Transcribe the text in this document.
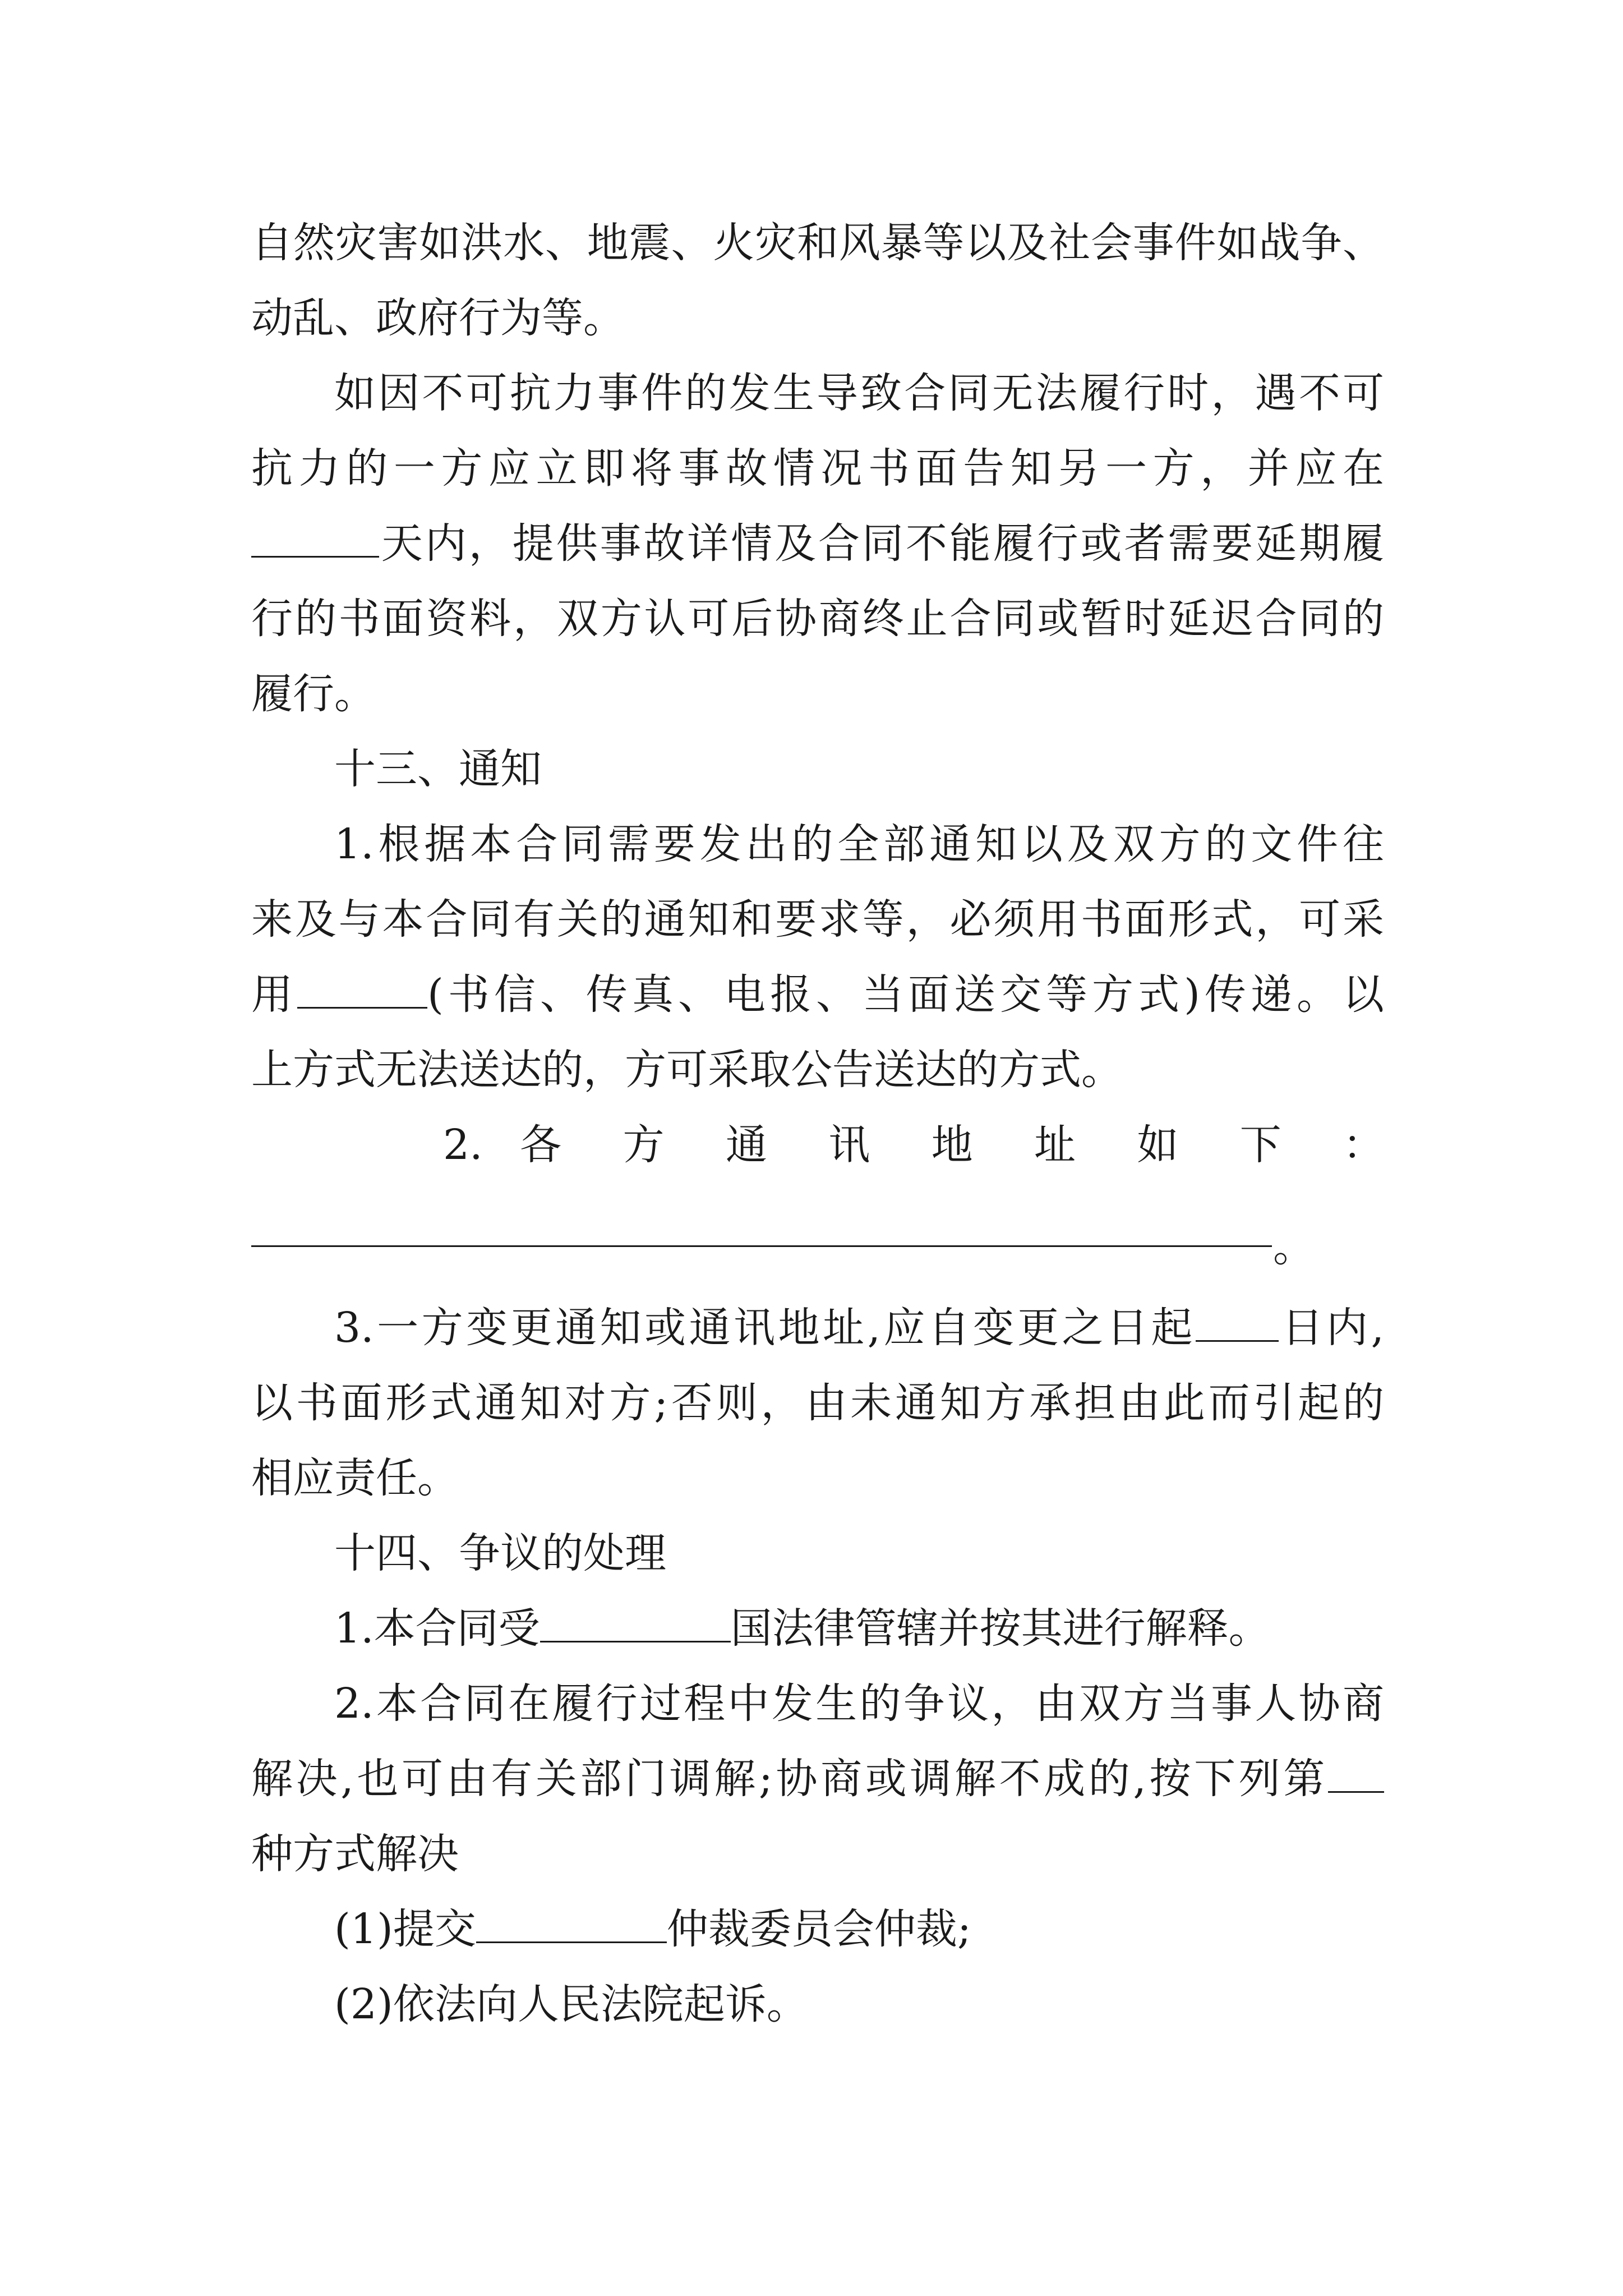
自然灾害如洪水、地震、火灾和风暴等以及社会事件如战争、
动乱、政府行为等。
如因不可抗力事件的发生导致合同无法履行时，遇不可
抗力的一方应立即将事故情况书面告知另一方，并应在
天内，提供事故详情及合同不能履行或者需要延期履
行的书面资料，双方认可后协商终止合同或暂时延迟合同的
履行。
十三、通知
1.根据本合同需要发出的全部通知以及双方的文件往
来及与本合同有关的通知和要求等，必须用书面形式，可采
用	(书信、传真、电报、当面送交等方式)传递。以
上方式无法送达的，方可采取公告送达的方式。
2. 各 方 通 讯 地 址 如 下 ：
。
3.一方变更通知或通讯地址,应自变更之日起 日内,
以书面形式通知对方;否则，由未通知方承担由此而引起的
相应责任。
十四、争议的处理
1.本合同受	国法律管辖并按其进行解释。
2.本合同在履行过程中发生的争议，由双方当事人协商
解决,也可由有关部门调解;协商或调解不成的,按下列第
种方式解决
(1)提交	仲裁委员会仲裁;
(2)依法向人民法院起诉。
